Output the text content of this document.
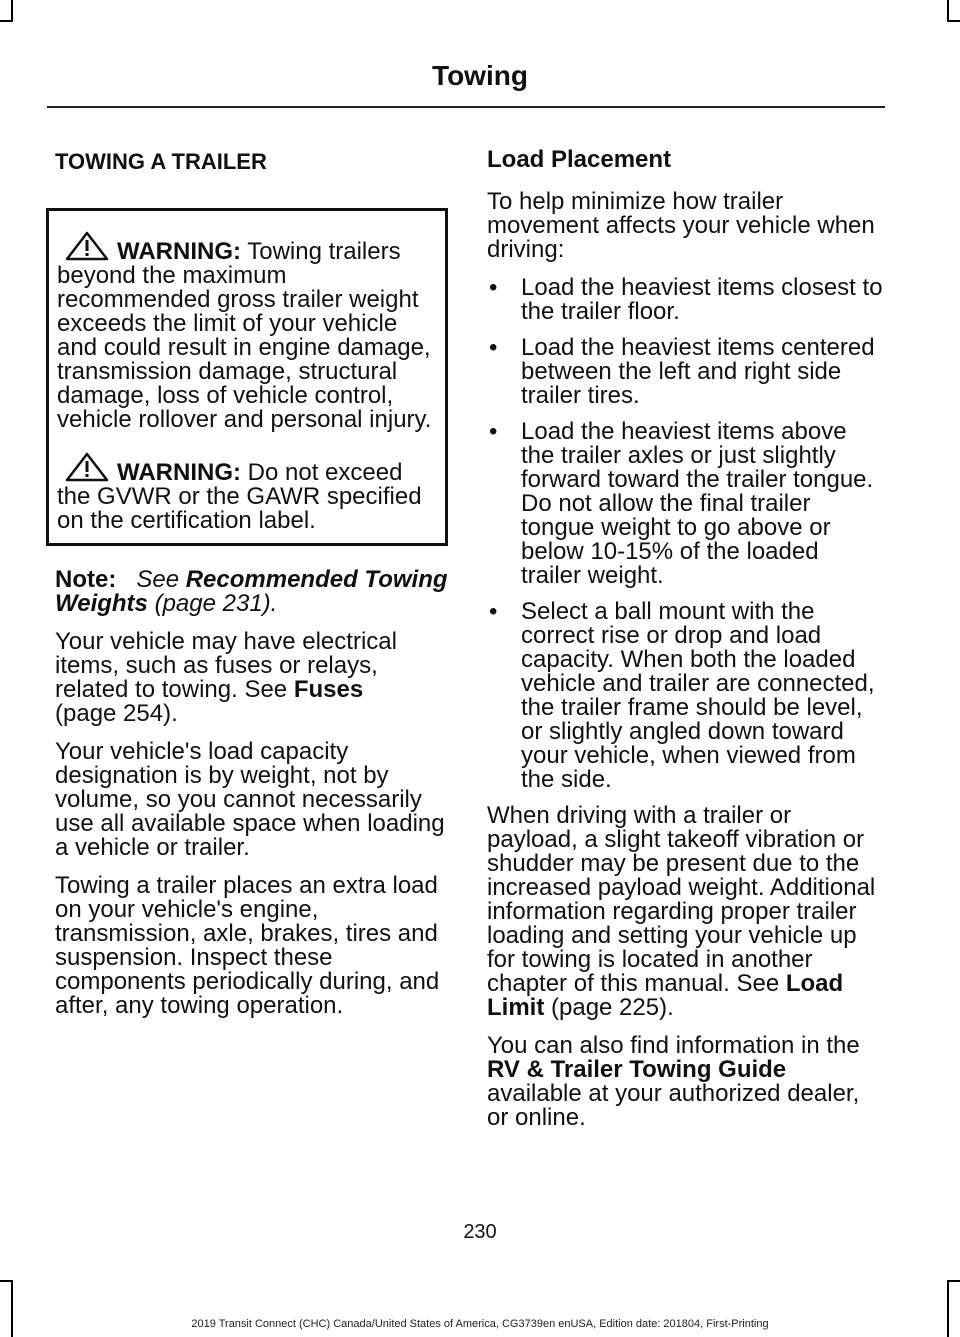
Towing
TOWING A TRAILER
WARNING: Towing trailers beyond the maximum recommended gross trailer weight exceeds the limit of your vehicle and could result in engine damage, transmission damage, structural damage, loss of vehicle control, vehicle rollover and personal injury.
WARNING: Do not exceed the GVWR or the GAWR specified on the certification label.

Note: See Recommended Towing Weights (page 231).

Your vehicle may have electrical items, such as fuses or relays, related to towing. See Fuses
(page 254).

Your vehicle's load capacity designation is by weight, not by volume, so you cannot necessarily use all available space when loading a vehicle or trailer.

Towing a trailer places an extra load on your vehicle's engine, transmission, axle, brakes, tires and suspension. Inspect these components periodically during, and after, any towing operation.

Load Placement

To help minimize how trailer movement affects your vehicle when driving:

• Load the heaviest items closest to the trailer floor.
• Load the heaviest items centered between the left and right side trailer tires.
• Load the heaviest items above the trailer axles or just slightly forward toward the trailer tongue. Do not allow the final trailer tongue weight to go above or below 10-15% of the loaded trailer weight.
• Select a ball mount with the correct rise or drop and load capacity. When both the loaded vehicle and trailer are connected, the trailer frame should be level, or slightly angled down toward your vehicle, when viewed from the side.

When driving with a trailer or payload, a slight takeoff vibration or shudder may be present due to the increased payload weight. Additional information regarding proper trailer loading and setting your vehicle up for towing is located in another chapter of this manual. See Load Limit (page 225).

You can also find information in the RV & Trailer Towing Guide available at your authorized dealer, or online.

230
2019 Transit Connect (CHC) Canada/United States of America, CG3739en enUSA, Edition date: 201804, First-Printing
